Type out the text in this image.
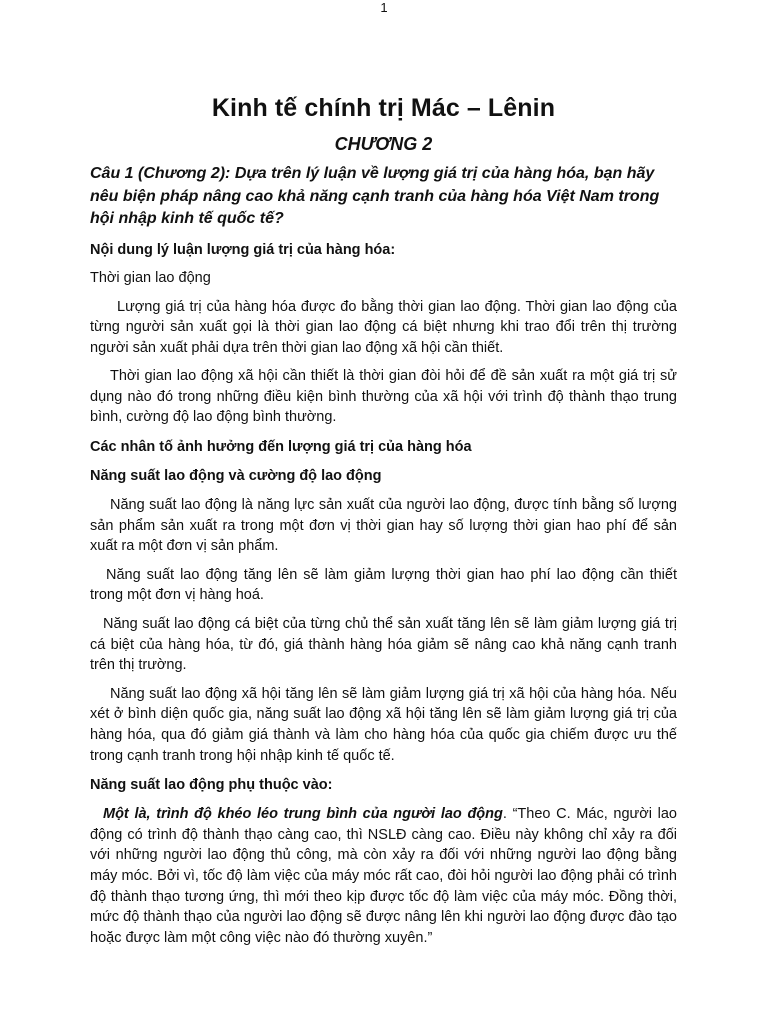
1
Kinh tế chính trị Mác – Lênin
CHƯƠNG 2
Câu 1 (Chương 2): Dựa trên lý luận về lượng giá trị của hàng hóa, bạn hãy nêu biện pháp nâng cao khả năng cạnh tranh của hàng hóa Việt Nam trong hội nhập kinh tế quốc tế?
Nội dung lý luận lượng giá trị của hàng hóa:
Thời gian lao động

Lượng giá trị của hàng hóa được đo bằng thời gian lao động. Thời gian lao động của từng người sản xuất gọi là thời gian lao động cá biệt nhưng khi trao đổi trên thị trường người sản xuất phải dựa trên thời gian lao động xã hội cần thiết.

Thời gian lao động xã hội cần thiết là thời gian đòi hỏi để đề sản xuất ra một giá trị sử dụng nào đó trong những điều kiện bình thường của xã hội với trình độ thành thạo trung bình, cường độ lao động bình thường.

Các nhân tố ảnh hưởng đến lượng giá trị của hàng hóa
Năng suất lao động và cường độ lao động

Năng suất lao động là năng lực sản xuất của người lao động, được tính bằng số lượng sản phẩm sản xuất ra trong một đơn vị thời gian hay số lượng thời gian hao phí để sản xuất ra một đơn vị sản phẩm.

Năng suất lao động tăng lên sẽ làm giảm lượng thời gian hao phí lao động cần thiết trong một đơn vị hàng hoá.

Năng suất lao động cá biệt của từng chủ thể sản xuất tăng lên sẽ làm giảm lượng giá trị cá biệt của hàng hóa, từ đó, giá thành hàng hóa giảm sẽ nâng cao khả năng cạnh tranh trên thị trường.

Năng suất lao động xã hội tăng lên sẽ làm giảm lượng giá trị xã hội của hàng hóa. Nếu xét ở bình diện quốc gia, năng suất lao động xã hội tăng lên sẽ làm giảm lượng giá trị của hàng hóa, qua đó giảm giá thành và làm cho hàng hóa của quốc gia chiếm được ưu thế trong cạnh tranh trong hội nhập kinh tế quốc tế.

Năng suất lao động phụ thuộc vào:

Một là, trình độ khéo léo trung bình của người lao động. “Theo C. Mác, người lao động có trình độ thành thạo càng cao, thì NSLĐ càng cao. Điều này không chỉ xảy ra đối với những người lao động thủ công, mà còn xảy ra đối với những người lao động bằng máy móc. Bởi vì, tốc độ làm việc của máy móc rất cao, đòi hỏi người lao động phải có trình độ thành thạo tương ứng, thì mới theo kịp được tốc độ làm việc của máy móc. Đồng thời, mức độ thành thạo của người lao động sẽ được nâng lên khi người lao động được đào tạo hoặc được làm một công việc nào đó thường xuyên.”
